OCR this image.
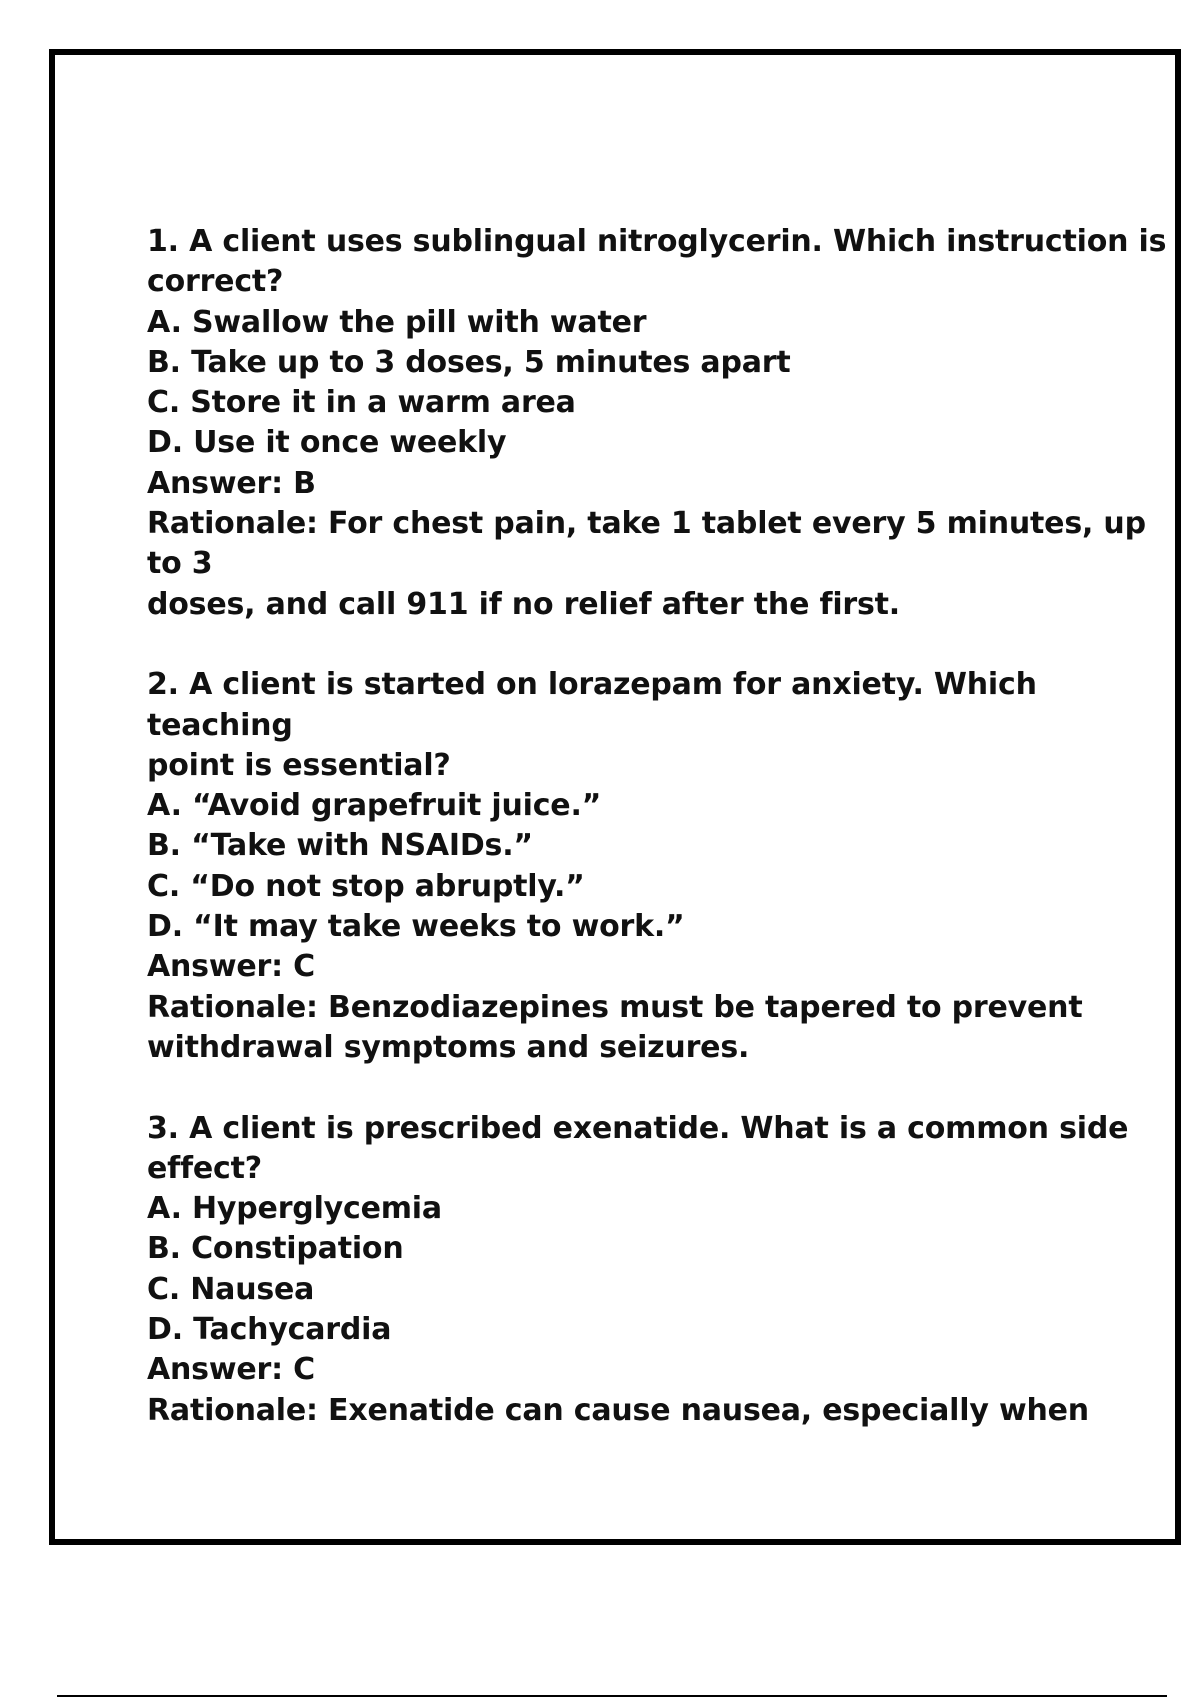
1. A client uses sublingual nitroglycerin. Which instruction is
correct?
A. Swallow the pill with water
B. Take up to 3 doses, 5 minutes apart
C. Store it in a warm area
D. Use it once weekly
Answer: B
Rationale: For chest pain, take 1 tablet every 5 minutes, up
to 3
doses, and call 911 if no relief after the first.
2. A client is started on lorazepam for anxiety. Which
teaching
point is essential?
A. “Avoid grapefruit juice.”
B. “Take with NSAIDs.”
C. “Do not stop abruptly.”
D. “It may take weeks to work.”
Answer: C
Rationale: Benzodiazepines must be tapered to prevent
withdrawal symptoms and seizures.
3. A client is prescribed exenatide. What is a common side
effect?
A. Hyperglycemia
B. Constipation
C. Nausea
D. Tachycardia
Answer: C
Rationale: Exenatide can cause nausea, especially when
